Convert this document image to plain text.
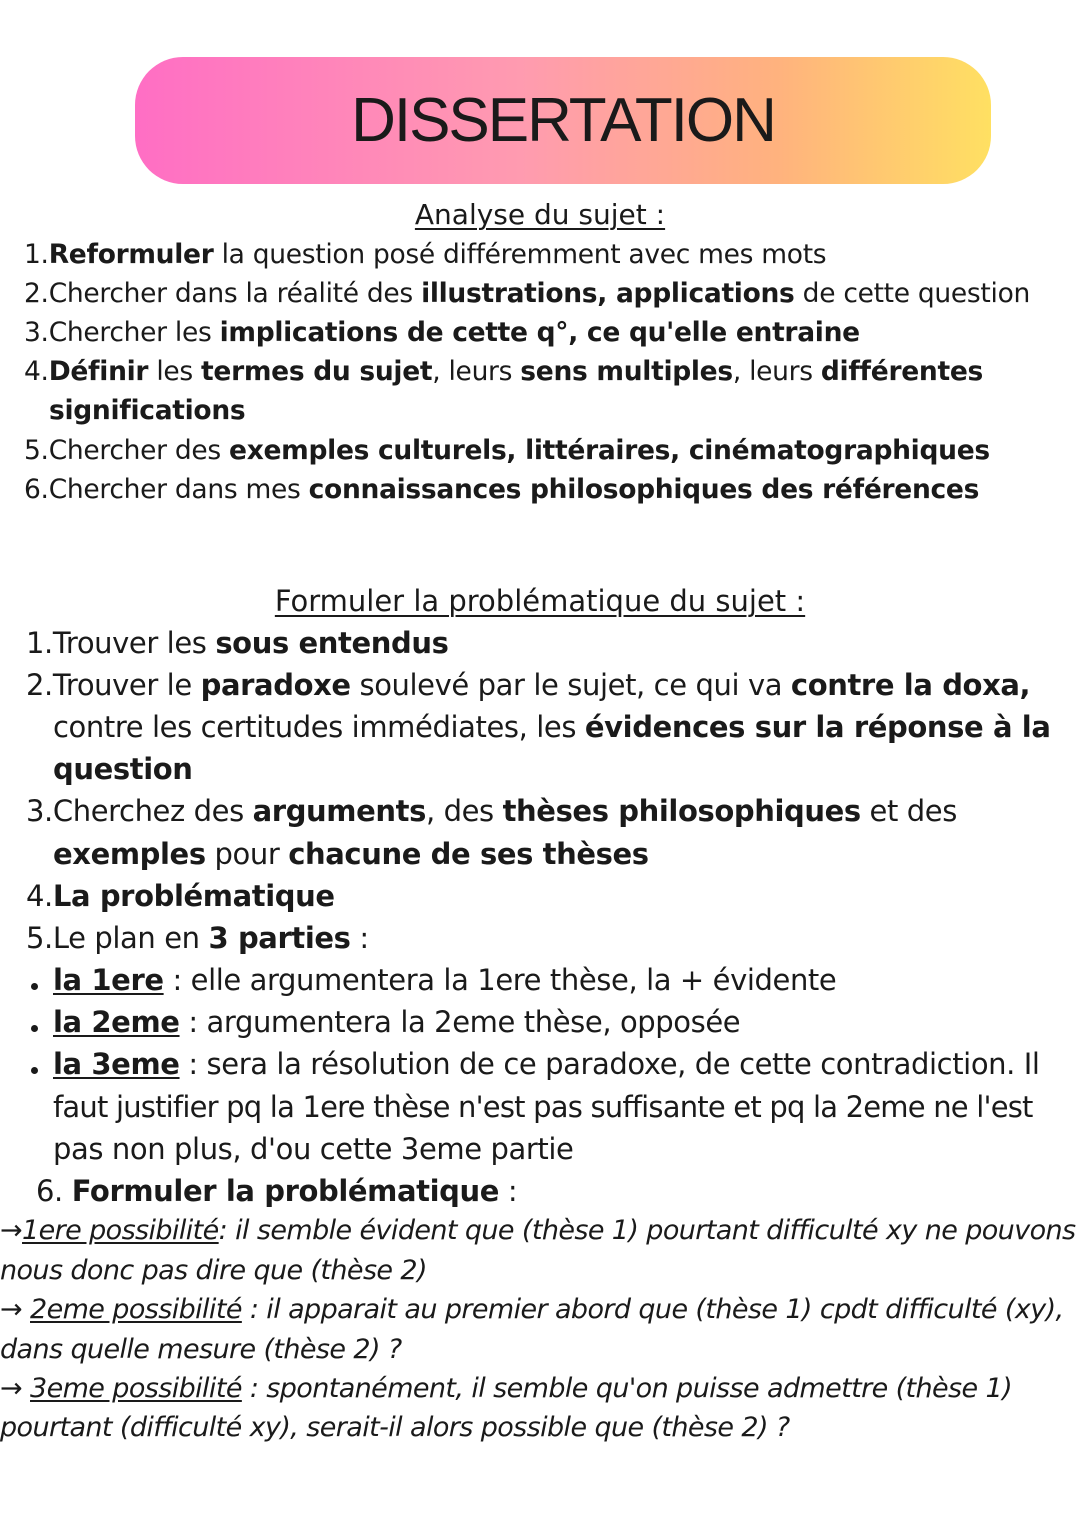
DISSERTATION
Analyse du sujet :
1.Reformuler la question posé différemment avec mes mots
2.Chercher dans la réalité des illustrations, applications de cette question
3.Chercher les implications de cette q°, ce qu'elle entraine
4.Définir les termes du sujet, leurs sens multiples, leurs différentes
significations
5.Chercher des exemples culturels, littéraires, cinématographiques
6.Chercher dans mes connaissances philosophiques des références
Formuler la problématique du sujet :
1.Trouver les sous entendus
2.Trouver le paradoxe soulevé par le sujet, ce qui va contre la doxa,
contre les certitudes immédiates, les évidences sur la réponse à la
question
3.Cherchez des arguments, des thèses philosophiques et des
exemples pour chacune de ses thèses
4.La problématique
5.Le plan en 3 parties :
la 1ere : elle argumentera la 1ere thèse, la + évidente
la 2eme : argumentera la 2eme thèse, opposée
la 3eme : sera la résolution de ce paradoxe, de cette contradiction. Il
faut justifier pq la 1ere thèse n'est pas suffisante et pq la 2eme ne l'est
pas non plus, d'ou cette 3eme partie
6. Formuler la problématique :
→1ere possibilité: il semble évident que (thèse 1) pourtant difficulté xy ne pouvons
nous donc pas dire que (thèse 2)
→ 2eme possibilité : il apparait au premier abord que (thèse 1) cpdt difficulté (xy),
dans quelle mesure (thèse 2) ?
→ 3eme possibilité : spontanément, il semble qu'on puisse admettre (thèse 1)
pourtant (difficulté xy), serait-il alors possible que (thèse 2) ?
